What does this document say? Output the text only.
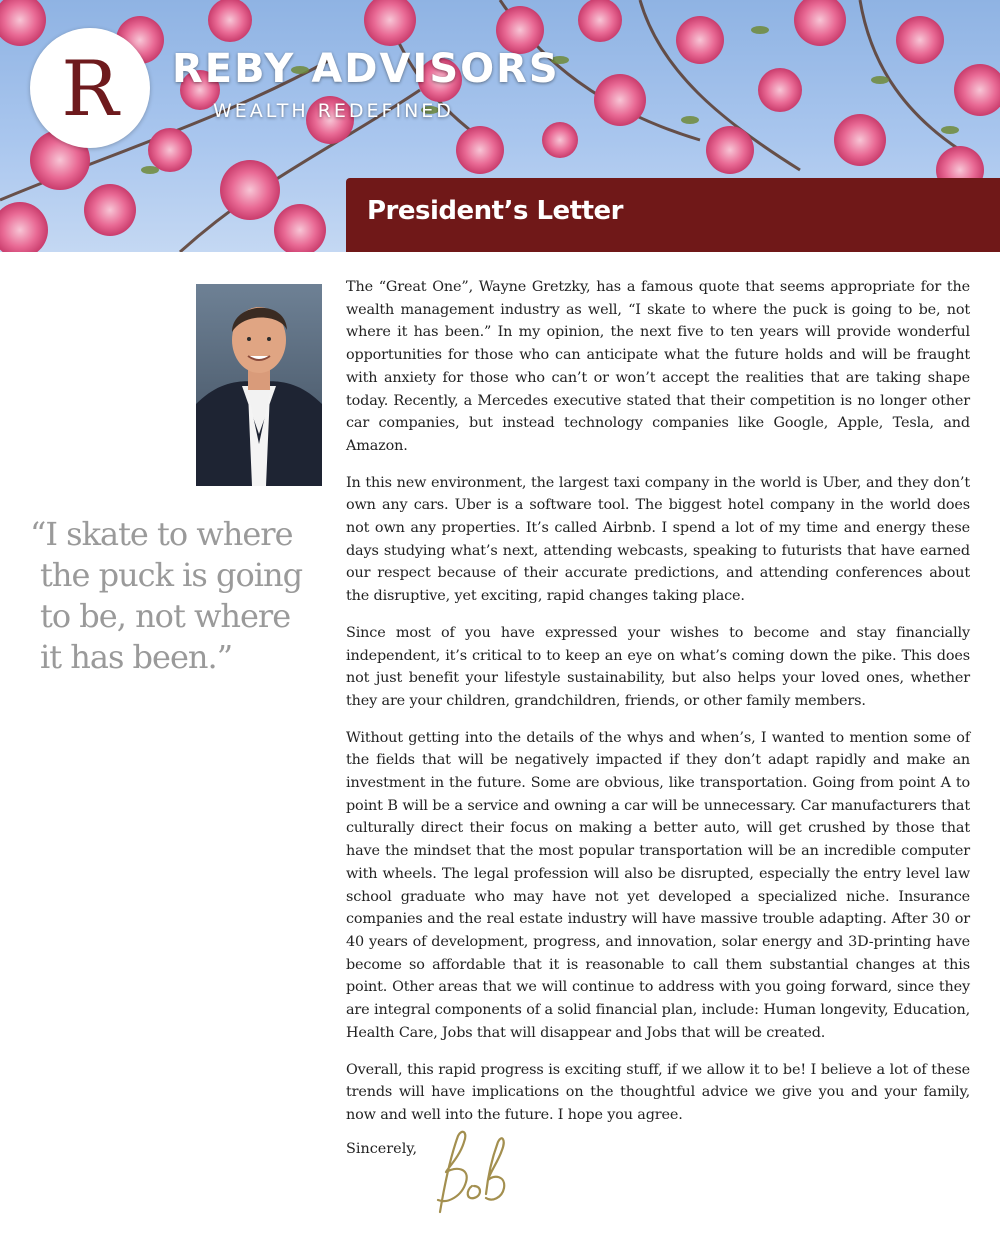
R REBY ADVISORS
WEALTH REDEFINED
President’s Letter
“I skate to where
the puck is going
to be, not where
it has been.”

The “Great One”, Wayne Gretzky, has a famous quote that seems appropriate for the wealth management industry as well, “I skate to where the puck is going to be, not where it has been.” In my opinion, the next five to ten years will provide wonderful opportunities for those who can anticipate what the future holds and will be fraught with anxiety for those who can’t or won’t accept the realities that are taking shape today. Recently, a Mercedes executive stated that their competition is no longer other car companies, but instead technology companies like Google, Apple, Tesla, and Amazon.

In this new environment, the largest taxi company in the world is Uber, and they don’t own any cars. Uber is a software tool. The biggest hotel company in the world does not own any properties. It’s called Airbnb. I spend a lot of my time and energy these days studying what’s next, attending webcasts, speaking to futurists that have earned our respect because of their accurate predictions, and attending conferences about the disruptive, yet exciting, rapid changes taking place.

Since most of you have expressed your wishes to become and stay financially independent, it’s critical to to keep an eye on what’s coming down the pike. This does not just benefit your lifestyle sustainability, but also helps your loved ones, whether they are your children, grandchildren, friends, or other family members.

Without getting into the details of the whys and when’s, I wanted to mention some of the fields that will be negatively impacted if they don’t adapt rapidly and make an investment in the future. Some are obvious, like transportation. Going from point A to point B will be a service and owning a car will be unnecessary. Car manufacturers that culturally direct their focus on making a better auto, will get crushed by those that have the mindset that the most popular transportation will be an incredible computer with wheels. The legal profession will also be disrupted, especially the entry level law school graduate who may have not yet developed a specialized niche. Insurance companies and the real estate industry will have massive trouble adapting. After 30 or 40 years of development, progress, and innovation, solar energy and 3D-printing have become so affordable that it is reasonable to call them substantial changes at this point. Other areas that we will continue to address with you going forward, since they are integral components of a solid financial plan, include: Human longevity, Education, Health Care, Jobs that will disappear and Jobs that will be created.

Overall, this rapid progress is exciting stuff, if we allow it to be! I believe a lot of these trends will have implications on the thoughtful advice we give you and your family, now and well into the future. I hope you agree.

Sincerely,
